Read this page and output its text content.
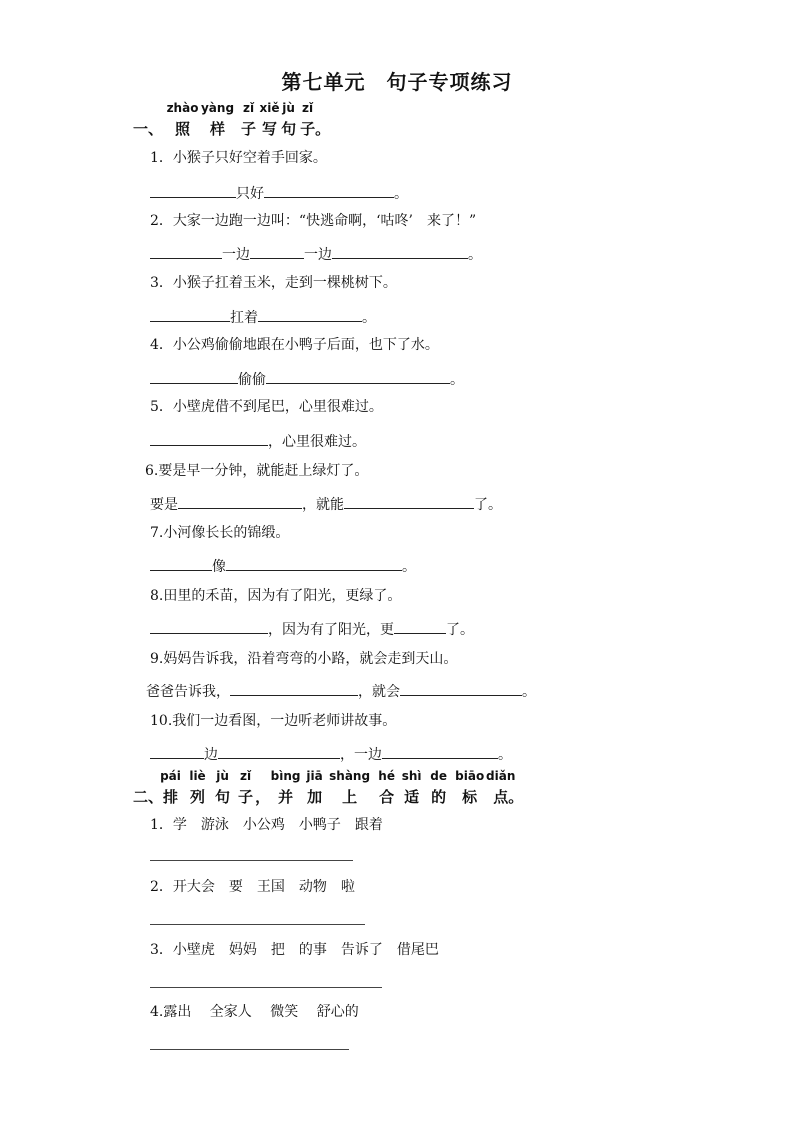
第七单元　句子专项练习
一、
zhào
照
yàng
样
zǐ
子
xiě
写
jù
句
zǐ
子。
1．小猴子只好空着手回家。
只好	。
2．大家一边跑一边叫：“快逃命啊，‘咕咚’　来了！”
一边	一边	。
3．小猴子扛着玉米，走到一棵桃树下。
扛着	。
4．小公鸡偷偷地跟在小鸭子后面，也下了水。
偷偷	。
5．小壁虎借不到尾巴，心里很难过。
，心里很难过。
6.要是早一分钟，就能赶上绿灯了。
要是	，就能	了。
7.小河像长长的锦缎。
像	。
8.田里的禾苗，因为有了阳光，更绿了。
，因为有了阳光，更	了。
9.妈妈告诉我，沿着弯弯的小路，就会走到天山。
爸爸告诉我，	，就会	。
10.我们一边看图，一边听老师讲故事。
边	，一边	。
二、
pái
排
liè
列
jù
句
zǐ
子 ，
bìng
并
jiā
加
shàng
上
hé
合
shì
适
de
的
biāo
标
diǎn
点。
1．学　游泳　小公鸡　小鸭子　跟着
2．开大会　要　王国　动物　啦
3．小壁虎　妈妈　把　的事　告诉了　借尾巴
4.露出　 全家人　 微笑　 舒心的
